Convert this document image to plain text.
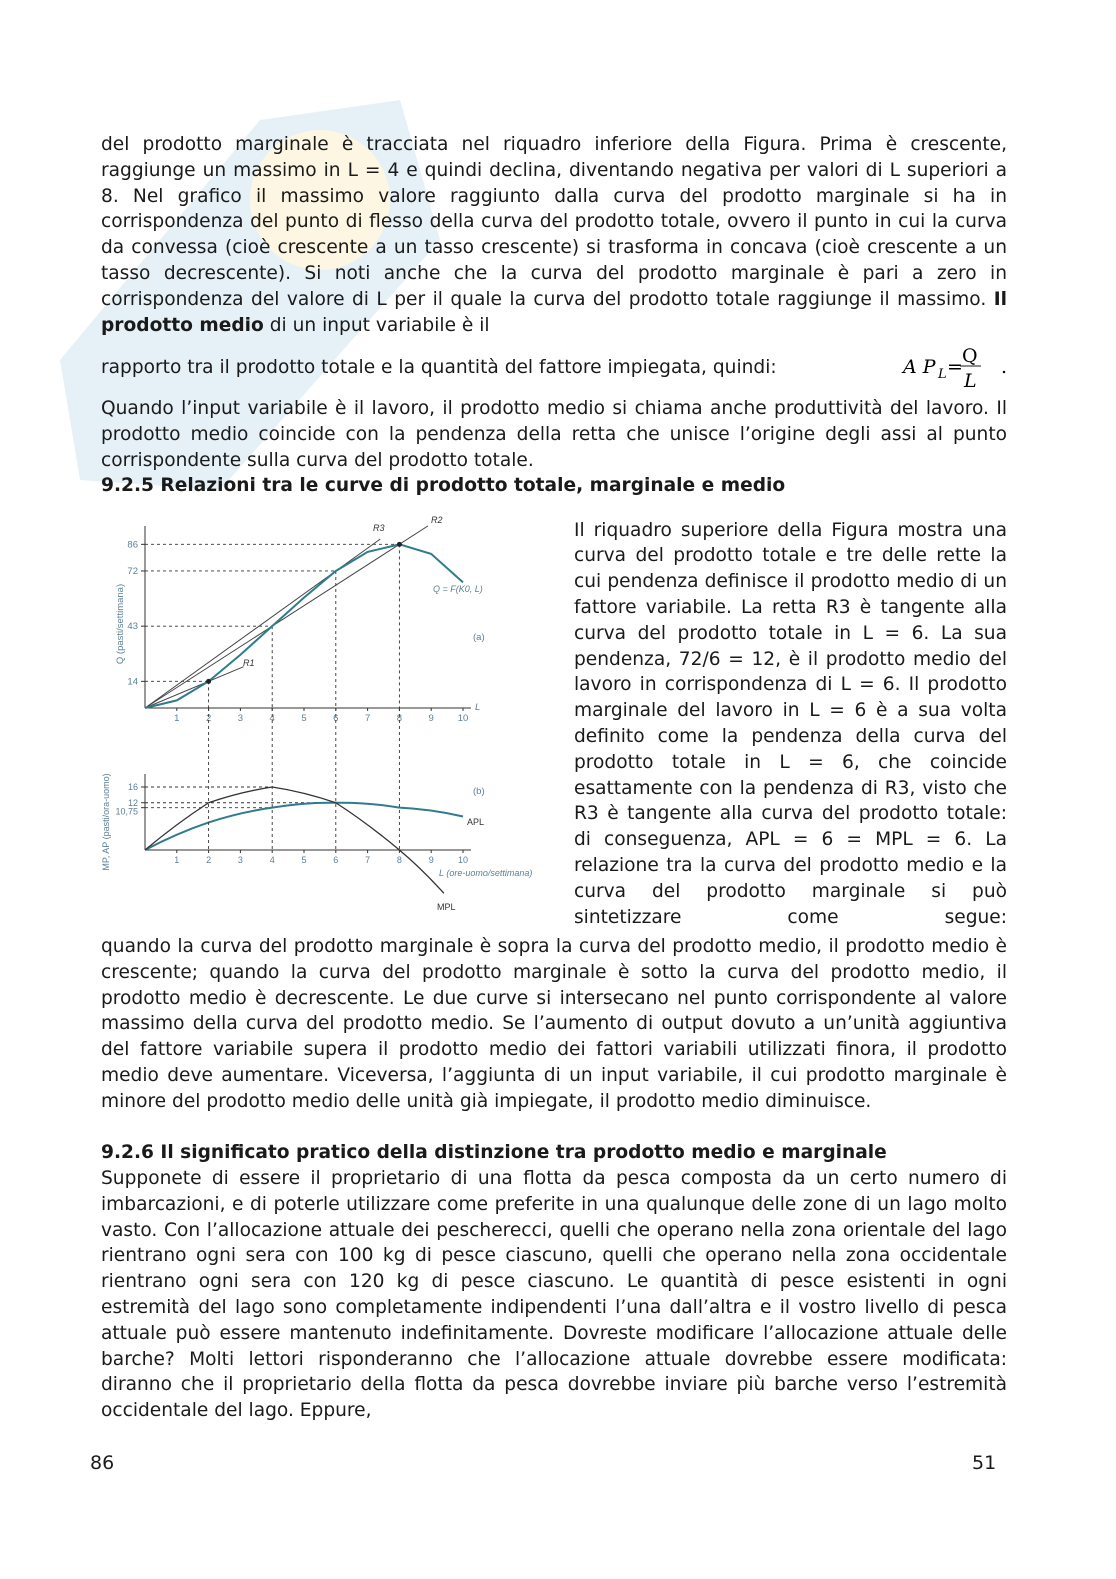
del prodotto marginale è tracciata nel riquadro inferiore della Figura. Prima è crescente, raggiunge un massimo in L = 4 e quindi declina, diventando negativa per valori di L superiori a 8. Nel grafico il massimo valore raggiunto dalla curva del prodotto marginale si ha in corrispondenza del punto di flesso della curva del prodotto totale, ovvero il punto in cui la curva da convessa (cioè crescente a un tasso crescente) si trasforma in concava (cioè crescente a un tasso decrescente). Si noti anche che la curva del prodotto marginale è pari a zero in corrispondenza del valore di L per il quale la curva del prodotto totale raggiunge il massimo. Il prodotto medio di un input variabile è il

rapporto tra il prodotto totale e la quantità del fattore impiegata, quindi:	A P L = Q
L
.

Quando l’input variabile è il lavoro, il prodotto medio si chiama anche produttività del lavoro. Il prodotto medio coincide con la pendenza della retta che unisce l’origine degli assi al punto corrispondente sulla curva del prodotto totale.

9.2.5 Relazioni tra le curve di prodotto totale, marginale e medio
Q (pasti/settimana)
L
(a)
1	2	3	4	5	6	7	8	9	10
14
43
72
86
Q = F(K0, L)
R1
R2
R3
MP, AP (pasti/ora-uomo)
L (ore-uomo/settimana)
(b)
1	2	3	4	5	6	7	8	9	10
10,75
12
16
APL
MPL

Il riquadro superiore della Figura mostra una curva del prodotto totale e tre delle rette la cui pendenza definisce il prodotto medio di un fattore variabile. La retta R3 è tangente alla curva del prodotto totale in L = 6. La sua pendenza, 72/6 = 12, è il prodotto medio del lavoro in corrispondenza di L = 6. Il prodotto marginale del lavoro in L = 6 è a sua volta definito come la pendenza della curva del prodotto totale in L = 6, che coincide esattamente con la pendenza di R3, visto che R3 è tangente alla curva del prodotto totale: di conseguenza, APL = 6 = MPL = 6. La relazione tra la curva del prodotto medio e la curva del prodotto marginale si può sintetizzare come segue:

quando la curva del prodotto marginale è sopra la curva del prodotto medio, il prodotto medio è crescente; quando la curva del prodotto marginale è sotto la curva del prodotto medio, il prodotto medio è decrescente. Le due curve si intersecano nel punto corrispondente al valore massimo della curva del prodotto medio. Se l’aumento di output dovuto a un’unità aggiuntiva del fattore variabile supera il prodotto medio dei fattori variabili utilizzati finora, il prodotto medio deve aumentare. Viceversa, l’aggiunta di un input variabile, il cui prodotto marginale è minore del prodotto medio delle unità già impiegate, il prodotto medio diminuisce.

9.2.6 Il significato pratico della distinzione tra prodotto medio e marginale

Supponete di essere il proprietario di una flotta da pesca composta da un certo numero di imbarcazioni, e di poterle utilizzare come preferite in una qualunque delle zone di un lago molto vasto. Con l’allocazione attuale dei pescherecci, quelli che operano nella zona orientale del lago rientrano ogni sera con 100 kg di pesce ciascuno, quelli che operano nella zona occidentale rientrano ogni sera con 120 kg di pesce ciascuno. Le quantità di pesce esistenti in ogni estremità del lago sono completamente indipendenti l’una dall’altra e il vostro livello di pesca attuale può essere mantenuto indefinitamente. Dovreste modificare l’allocazione attuale delle barche? Molti lettori risponderanno che l’allocazione attuale dovrebbe essere modificata: diranno che il proprietario della flotta da pesca dovrebbe inviare più barche verso l’estremità occidentale del lago. Eppure,

86	51
